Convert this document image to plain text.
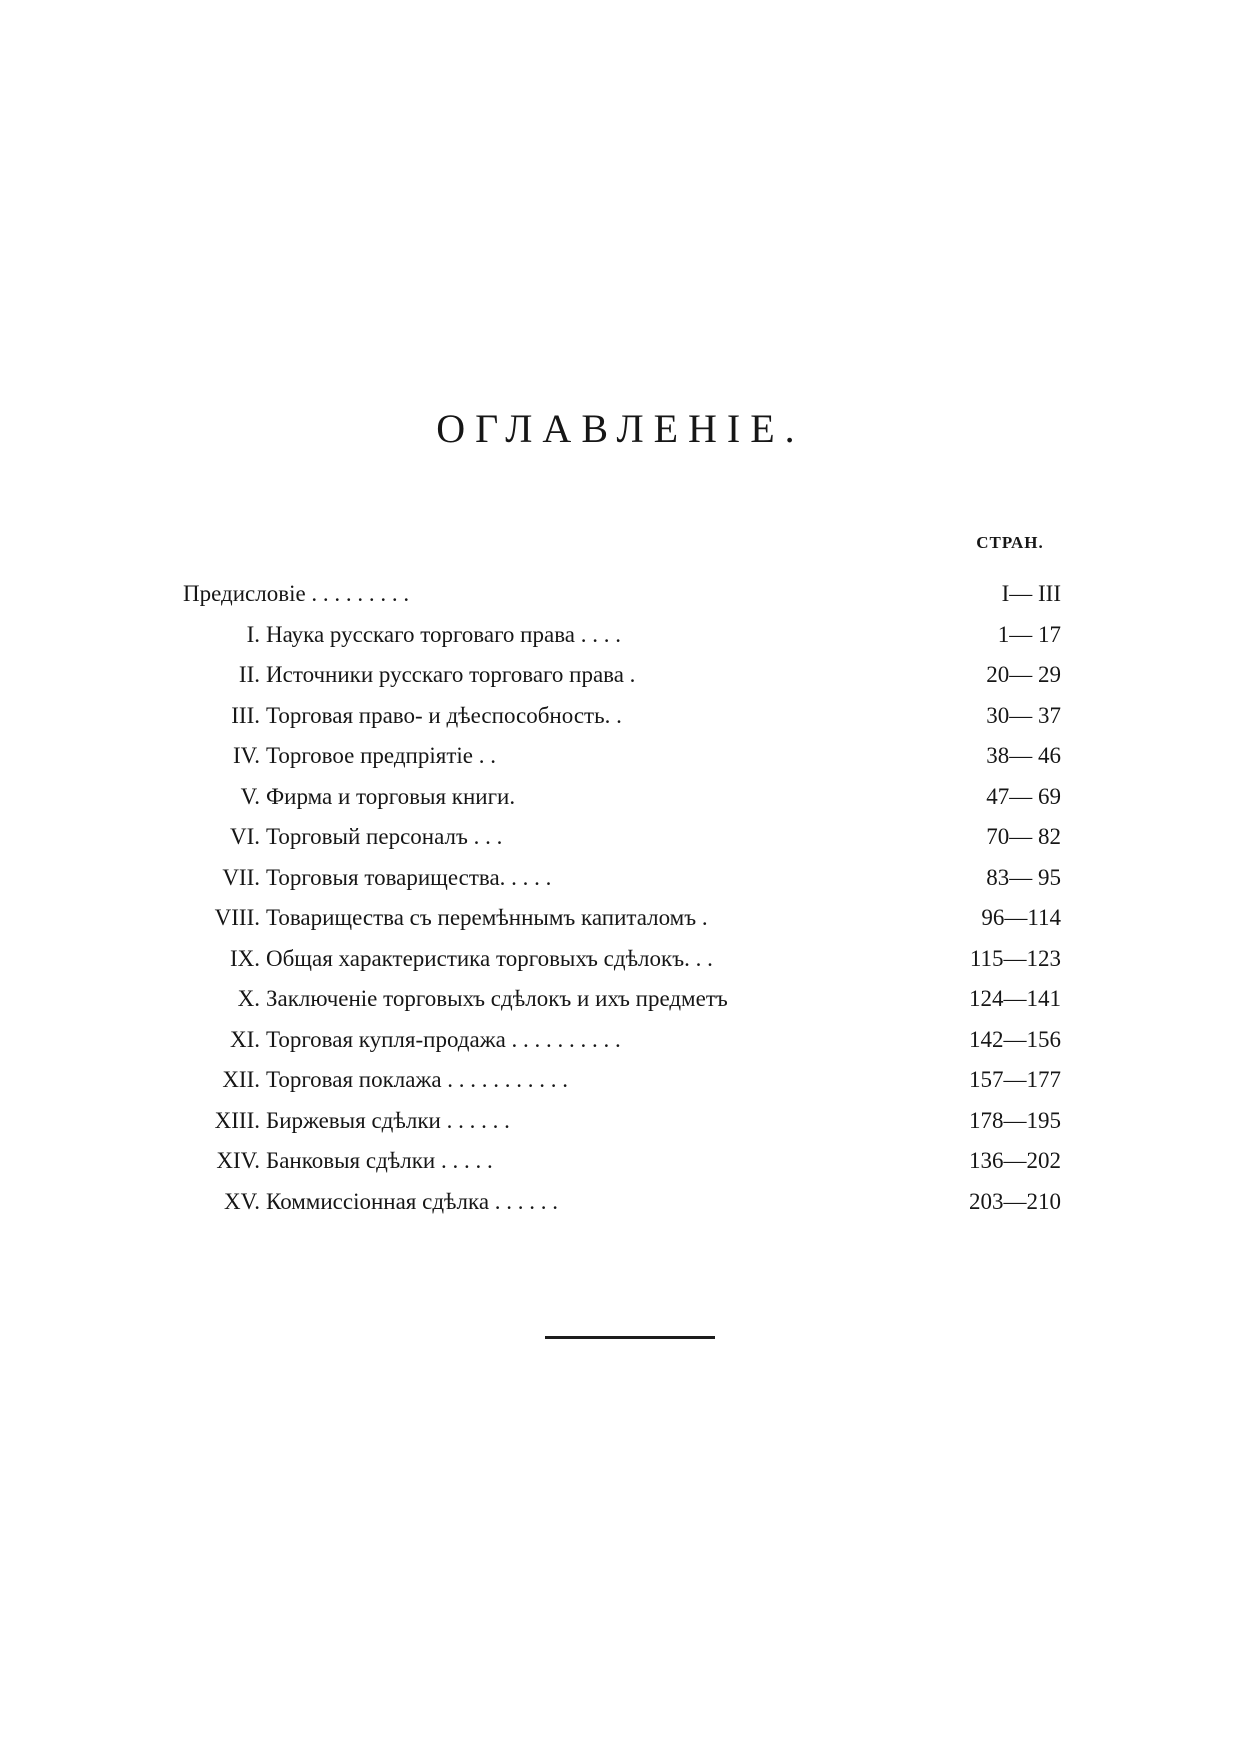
ОГЛАВЛЕНІЕ.
СТРАН.
Предисловіе . . . . . . . . .	I— III
I. Наука русскаго торговаго права . . . .	1— 17
II. Источники русскаго торговаго права .	20— 29
III. Торговая право- и дѣеспособность. .	30— 37
IV. Торговое предпріятіе . .	38— 46
V. Фирма и торговыя книги.	47— 69
VI. Торговый персоналъ . . .	70— 82
VII. Торговыя товарищества. . . . .	83— 95
VIII. Товарищества съ перемѣннымъ капиталомъ .	96—114
IX. Общая характеристика торговыхъ сдѣлокъ. . .	115—123
X. Заключеніе торговыхъ сдѣлокъ и ихъ предметъ	124—141
XI. Торговая купля-продажа . . . . . . . . . .	142—156
XII. Торговая поклажа . . . . . . . . . . .	157—177
XIII. Биржевыя сдѣлки . . . . . .	178—195
XIV. Банковыя сдѣлки . . . . .	136—202
XV. Коммиссіонная сдѣлка . . . . . .	203—210
